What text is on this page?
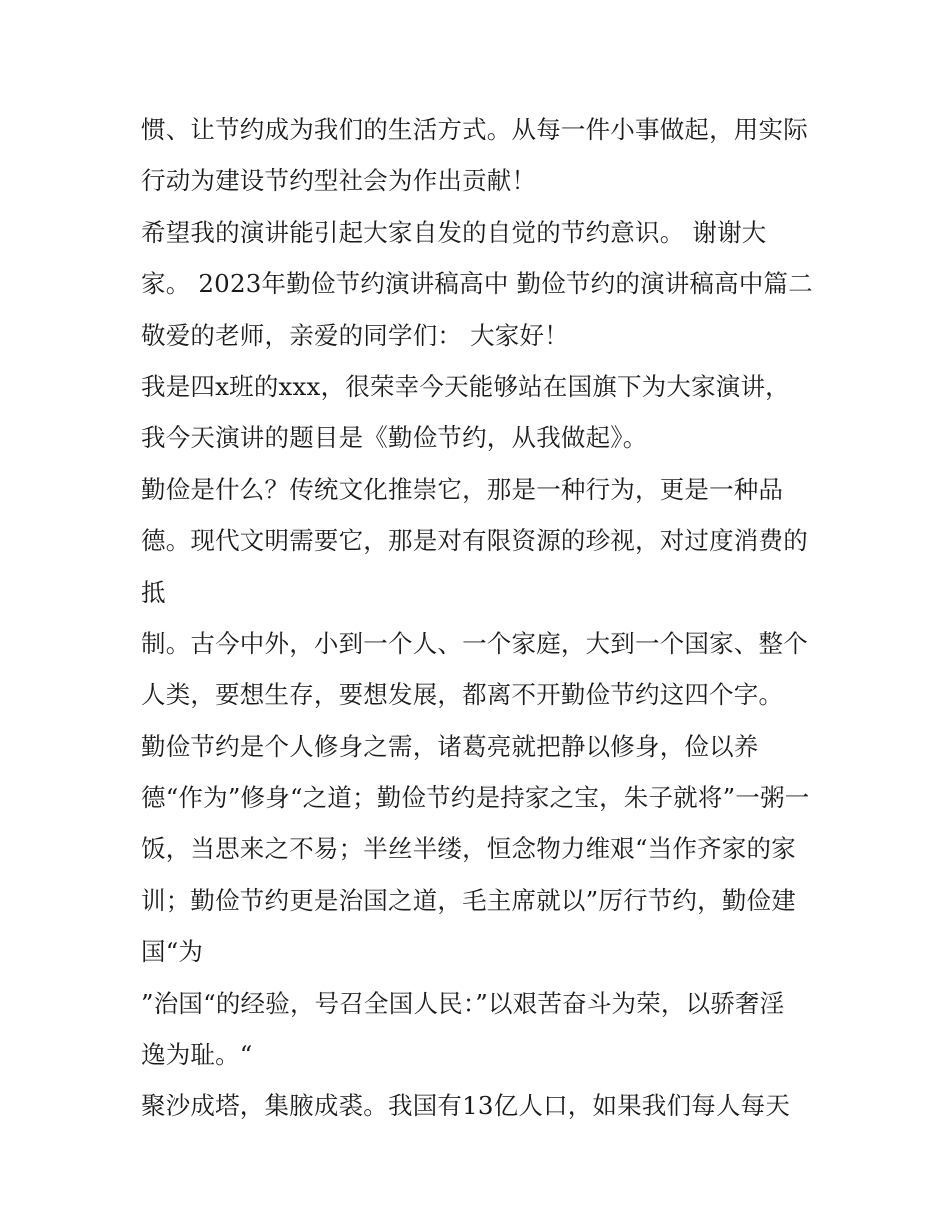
惯、让节约成为我们的生活方式。从每一件小事做起，用实际
行动为建设节约型社会为作出贡献！
希望我的演讲能引起大家自发的自觉的节约意识。 谢谢大
家。 2023年勤俭节约演讲稿高中 勤俭节约的演讲稿高中篇二
敬爱的老师，亲爱的同学们： 大家好！
我是四x班的xxx，很荣幸今天能够站在国旗下为大家演讲，
我今天演讲的题目是《勤俭节约，从我做起》。
勤俭是什么？传统文化推崇它，那是一种行为，更是一种品
德。现代文明需要它，那是对有限资源的珍视，对过度消费的
抵
制。古今中外，小到一个人、一个家庭，大到一个国家、整个
人类，要想生存，要想发展，都离不开勤俭节约这四个字。
勤俭节约是个人修身之需，诸葛亮就把静以修身，俭以养
德“作为”修身“之道；勤俭节约是持家之宝，朱子就将”一粥一
饭，当思来之不易；半丝半缕，恒念物力维艰“当作齐家的家
训；勤俭节约更是治国之道，毛主席就以”厉行节约，勤俭建
国“为
”治国“的经验，号召全国人民：”以艰苦奋斗为荣，以骄奢淫
逸为耻。“
聚沙成塔，集腋成裘。我国有13亿人口，如果我们每人每天
